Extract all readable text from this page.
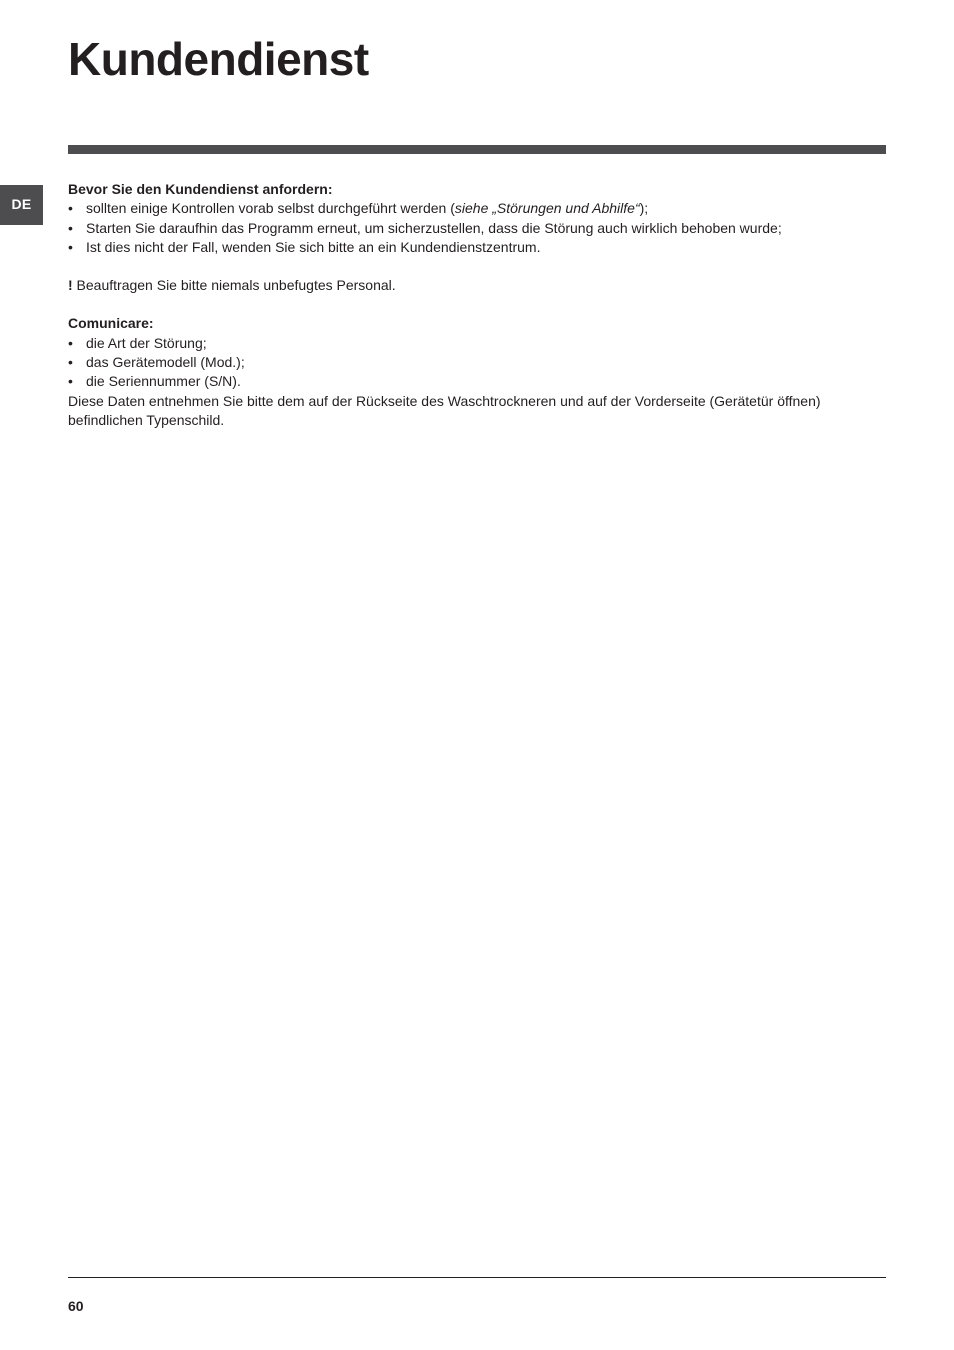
Kundendienst
DE

Bevor Sie den Kundendienst anfordern:

• sollten einige Kontrollen vorab selbst durchgeführt werden (siehe „Störungen und Abhilfe“);
• Starten Sie daraufhin das Programm erneut, um sicherzustellen, dass die Störung auch wirklich behoben wurde;
• Ist dies nicht der Fall, wenden Sie sich bitte an ein Kundendienstzentrum.

! Beauftragen Sie bitte niemals unbefugtes Personal.

Comunicare:

• die Art der Störung;
• das Gerätemodell (Mod.);
• die Seriennummer (S/N).

Diese Daten entnehmen Sie bitte dem auf der Rückseite des Waschtrockneren und auf der Vorderseite (Gerätetür öffnen) befindlichen Typenschild.

60
